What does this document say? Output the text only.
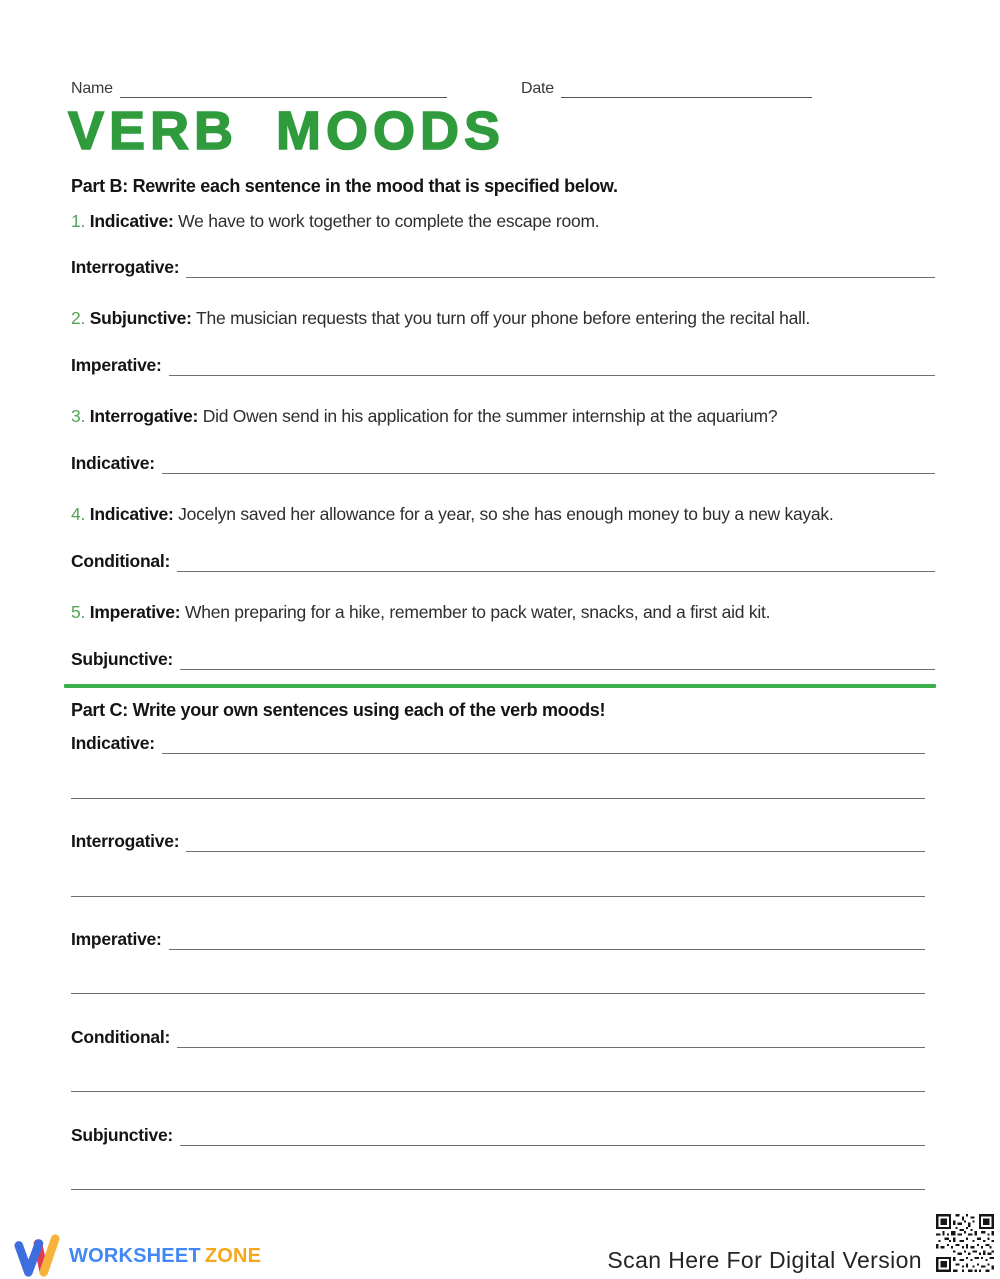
Name	Date
VERB MOODS
Part B: Rewrite each sentence in the mood that is specified below.

1. Indicative: We have to work together to complete the escape room.

Interrogative:

2. Subjunctive: The musician requests that you turn off your phone before entering the recital hall.

Imperative:

3. Interrogative: Did Owen send in his application for the summer internship at the aquarium?

Indicative:

4. Indicative: Jocelyn saved her allowance for a year, so she has enough money to buy a new kayak.

Conditional:

5. Imperative: When preparing for a hike, remember to pack water, snacks, and a first aid kit.

Subjunctive:
Part C: Write your own sentences using each of the verb moods!
Indicative:
Interrogative:
Imperative:
Conditional:
Subjunctive:
WORKSHEET ZONE	Scan Here For Digital Version
